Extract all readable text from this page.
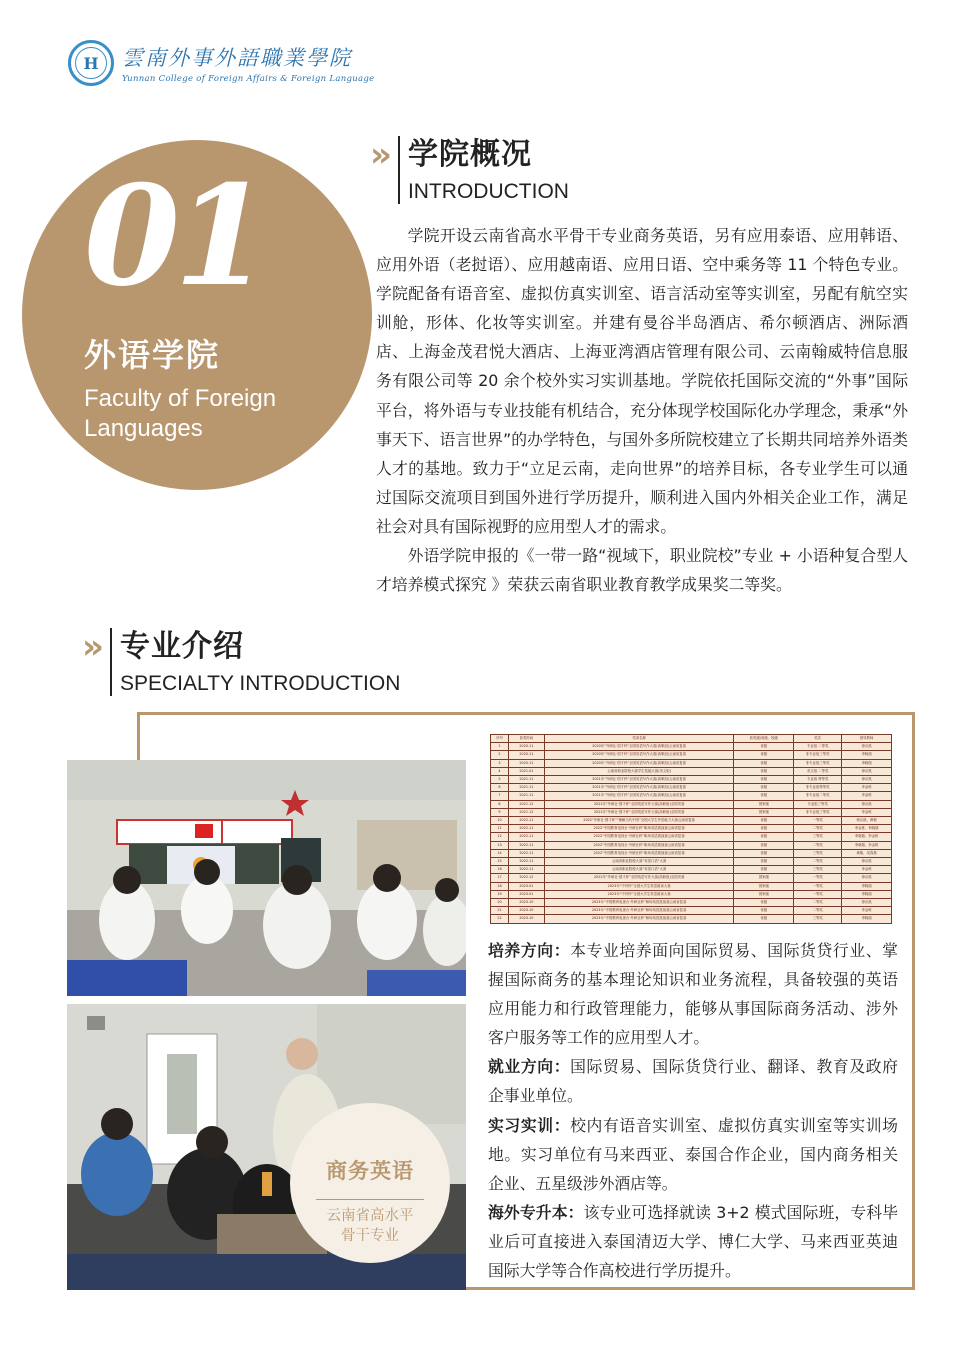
H 雲南外事外語職業學院
Yunnan College of Foreign Affairs & Foreign Language
01
外语学院
Faculty of Foreign
Languages
» 学院概况
INTRODUCTION

学院开设云南省高水平骨干专业商务英语，另有应用泰语、应用韩语、应用外语（老挝语）、应用越南语、应用日语、空中乘务等 11 个特色专业。学院配备有语音室、虚拟仿真实训室、语言活动室等实训室，另配有航空实训舱，形体、化妆等实训室。并建有曼谷半岛酒店、希尔顿酒店、洲际酒店、上海金茂君悦大酒店、上海亚湾酒店管理有限公司、云南翰威特信息服务有限公司等 20 余个校外实习实训基地。学院依托国际交流的“外事”国际平台，将外语与专业技能有机结合，充分体现学校国际化办学理念，秉承“外事天下、语言世界”的办学特色，与国外多所院校建立了长期共同培养外语类人才的基地。致力于“立足云南，走向世界”的培养目标，各专业学生可以通过国际交流项目到国外进行学历提升，顺利进入国内外相关企业工作，满足社会对具有国际视野的应用型人才的需求。

外语学院申报的《一带一路“视域下，职业院校”专业 + 小语种复合型人才培养模式探究 》荣获云南省职业教育教学成果奖二等奖。

» 专业介绍
SPECIALTY INTRODUCTION
序号	获奖时间	奖项名称	获奖级/省级、校级	奖次	指导教师
1	2020.11	2020年“外研社·国才杯”全国英语写作大赛(高职组)云南省复赛	省级	专业组 二等奖	徐京凯
2	2020.11	2020年“外研社·国才杯”全国英语写作大赛(高职组)云南省复赛	省级	非专业组三等奖	李晓瑞
3	2020.11	2020年“外研社·国才杯”全国英语写作大赛(高职组)云南省复赛	省级	非专业组三等奖	李晓瑞
4	2021.01	云南省职业院校大赛学生技能大赛(英文组)	省级	英文组 二等奖	徐京凯
5	2021.11	2021年“外研社·国才杯”全国英语写作大赛(高职组)云南省复赛	省级	专业组 特等奖	徐京凯
6	2021.11	2021年“外研社·国才杯”全国英语写作大赛(高职组)云南省复赛	省级	非专业组特等奖	李金栋
7	2021.11	2021年“外研社·国才杯”全国英语写作大赛(高职组)云南省复赛	省级	非专业组二等奖	李金栋
8	2021.12	2021年“外研社·国才杯”全国英语写作大赛(高职组)全国决赛	国家级	专业组三等奖	徐京凯
9	2021.12	2021年“外研社·国才杯”全国英语写作大赛(高职组)全国决赛	国家级	非专业组三等奖	李金栋
10	2022.11	2022“外研社·国才杯”“理解当代中国”全国大学生外语能力大赛云南省复赛	省级	一等奖	徐京凯、黄敏
11	2022.11	2022“中国教育电视台·外研社杯”职场英语挑战赛云南省复赛	省级	二等奖	李金栋、李晓瑞
12	2022.11	2022“中国教育电视台·外研社杯”职场英语挑战赛云南省复赛	省级	三等奖	李晓瑞、李金栋
13	2022.11	2022“中国教育电视台·外研社杯”职场英语挑战赛云南省复赛	省级	二等奖	李晓瑞、李金栋
14	2022.11	2022“中国教育电视台·外研社杯”职场英语挑战赛云南省复赛	省级	三等奖	黄敏、吴春燕
15	2022.11	云南省职业院校大赛“英语口语”大赛	省级	二等奖	徐京凯
16	2022.11	云南省职业院校大赛“英语口语”大赛	省级	三等奖	李金栋
17	2022.12	2022年“外研社·国才杯”全国英语写作大赛(高职组)全国决赛	国家级	一等奖	徐京凯
18	2023.01	2023年“中外杯”全国大学生英语阅读大赛	国家级	一等奖	李晓瑞
19	2023.01	2023年“中外杯”全国大学生英语阅读大赛	国家级	一等奖	李晓瑞
20	2023.10	2023年“中国教育电视台·外研社杯”职场英语挑战赛云南省复赛	省级	二等奖	徐京凯
21	2023.10	2023年“中国教育电视台·外研社杯”职场英语挑战赛云南省复赛	省级	二等奖	李金栋
22	2023.10	2023年“中国教育电视台·外研社杯”职场英语挑战赛云南省复赛	省级	三等奖	李晓瑞
培养方向：本专业培养面向国际贸易、国际货贷行业、掌握国际商务的基本理论知识和业务流程，具备较强的英语应用能力和行政管理能力，能够从事国际商务活动、涉外客户服务等工作的应用型人才。
就业方向：国际贸易、国际货贷行业、翻译、教育及政府企事业单位。
实习实训：校内有语音实训室、虚拟仿真实训室等实训场地。实习单位有马来西亚、泰国合作企业，国内商务相关企业、五星级涉外酒店等。
海外专升本：该专业可选择就读 3+2 模式国际班，专科毕业后可直接进入泰国清迈大学、博仁大学、马来西亚英迪国际大学等合作高校进行学历提升。
商务英语
云南省高水平
骨干专业
